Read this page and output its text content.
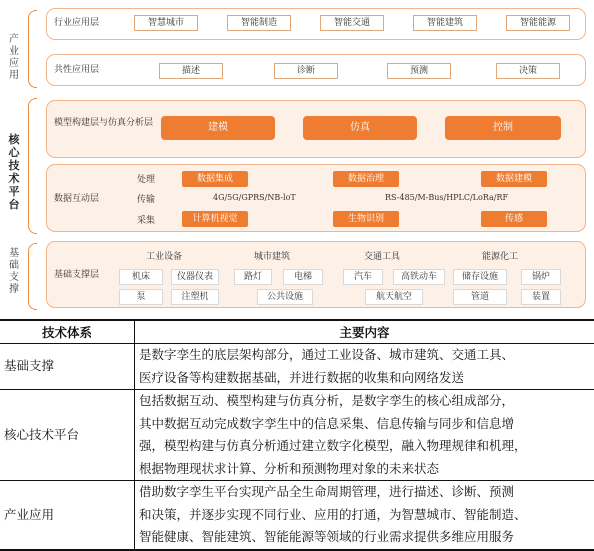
产业应用
核心技术平台
基础支撑
行业应用层	智慧城市	智能制造	智能交通	智能建筑	智能能源
共性应用层	描述	诊断	预测	决策
模型构建层与仿真分析层	建模	仿真	控制
数据互动层
处理
传输
采集
数据集成	数据治理	数据建模
4G/5G/GPRS/NB-loT	RS-485/M-Bus/HPLC/LoRa/RF
计算机视觉	生物识别	传感
基础支撑层
工业设备	城市建筑	交通工具	能源化工
机床	仪器仪表
泵	注塑机
路灯	电梯
公共设施
汽车	高铁动车
航天航空
储存设施	锅炉
管道	装置
技术体系	主要内容
基础支撑	是数字孪生的底层架构部分，通过工业设备、城市建筑、交通工具、
医疗设备等构建数据基础，并进行数据的收集和向网络发送

核心技术平台	包括数据互动、模型构建与仿真分析，是数字孪生的核心组成部分，
其中数据互动完成数字孪生中的信息采集、信息传输与同步和信息增
强，模型构建与仿真分析通过建立数字化模型，融入物理规律和机理，
根据物理现状求计算、分析和预测物理对象的未来状态

产业应用	借助数字孪生平台实现产品全生命周期管理，进行描述、诊断、预测
和决策，并逐步实现不同行业、应用的打通，为智慧城市、智能制造、
智能健康、智能建筑、智能能源等领域的行业需求提供多维应用服务
